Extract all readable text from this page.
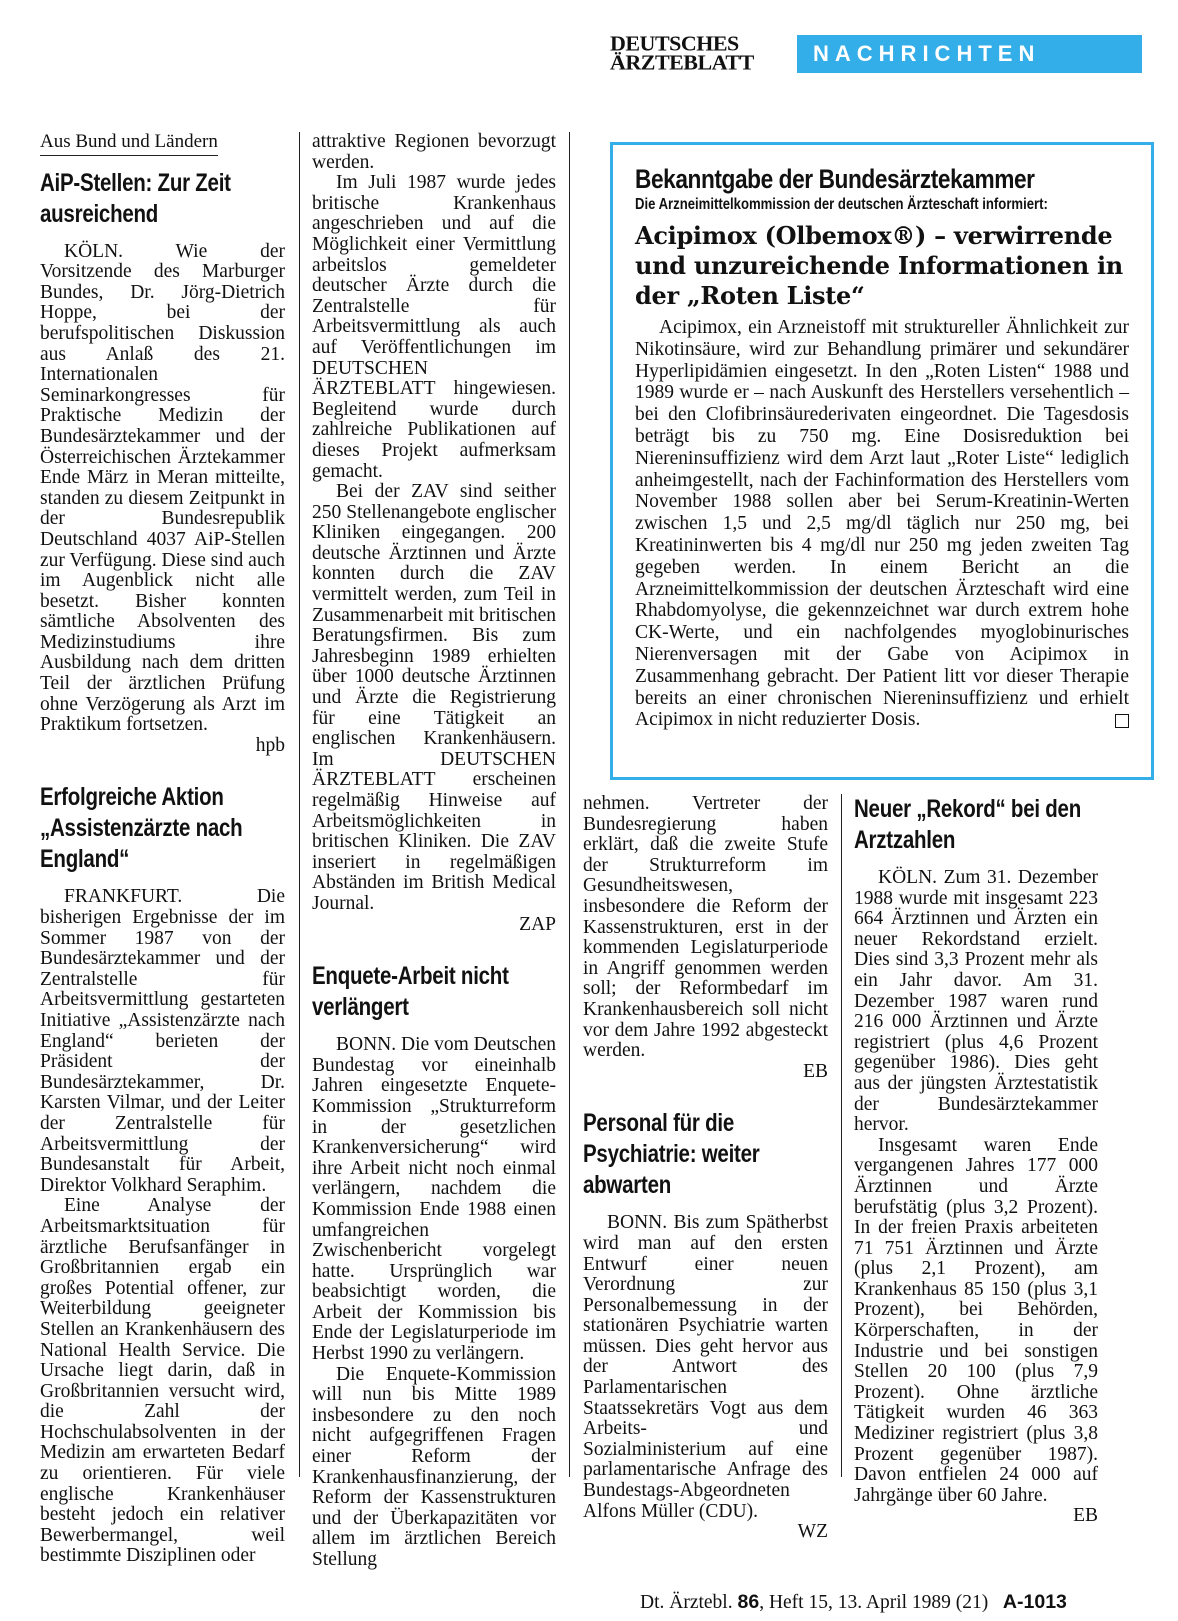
DEUTSCHES
ÄRZTEBLATT	NACHRICHTEN
Aus Bund und Ländern
AiP-Stellen: Zur Zeit ausreichend

KÖLN. Wie der Vorsitzende des Marburger Bundes, Dr. Jörg-Dietrich Hoppe, bei der berufspolitischen Diskussion aus Anlaß des 21. Internationalen Seminarkongresses für Praktische Medizin der Bundesärztekammer und der Österreichischen Ärztekammer Ende März in Meran mitteilte, standen zu diesem Zeitpunkt in der Bundesrepublik Deutschland 4037 AiP-Stellen zur Verfügung. Diese sind auch im Augenblick nicht alle besetzt. Bisher konnten sämtliche Absolventen des Medizinstudiums ihre Ausbildung nach dem dritten Teil der ärztlichen Prüfung ohne Verzögerung als Arzt im Praktikum fortsetzen.

hpb
Erfolgreiche Aktion „Assistenzärzte nach England“

FRANKFURT. Die bisherigen Ergebnisse der im Sommer 1987 von der Bundesärztekammer und der Zentralstelle für Arbeitsvermittlung gestarteten Initiative „Assistenzärzte nach England“ berieten der Präsident der Bundesärztekammer, Dr. Karsten Vilmar, und der Leiter der Zentralstelle für Arbeitsvermittlung der Bundesanstalt für Arbeit, Direktor Volkhard Seraphim.

Eine Analyse der Arbeitsmarktsituation für ärztliche Berufsanfänger in Großbritannien ergab ein großes Potential offener, zur Weiterbildung geeigneter Stellen an Krankenhäusern des National Health Service. Die Ursache liegt darin, daß in Großbritannien versucht wird, die Zahl der Hochschulabsolventen in der Medizin am erwarteten Bedarf zu orientieren. Für viele englische Krankenhäuser besteht jedoch ein relativer Bewerbermangel, weil bestimmte Disziplinen oder

attraktive Regionen bevorzugt werden.

Im Juli 1987 wurde jedes britische Krankenhaus angeschrieben und auf die Möglichkeit einer Vermittlung arbeitslos gemeldeter deutscher Ärzte durch die Zentralstelle für Arbeitsvermittlung als auch auf Veröffentlichungen im DEUTSCHEN ÄRZTEBLATT hingewiesen. Begleitend wurde durch zahlreiche Publikationen auf dieses Projekt aufmerksam gemacht.

Bei der ZAV sind seither 250 Stellenangebote englischer Kliniken eingegangen. 200 deutsche Ärztinnen und Ärzte konnten durch die ZAV vermittelt werden, zum Teil in Zusammenarbeit mit britischen Beratungsfirmen. Bis zum Jahresbeginn 1989 erhielten über 1000 deutsche Ärztinnen und Ärzte die Registrierung für eine Tätigkeit an englischen Krankenhäusern. Im DEUTSCHEN ÄRZTEBLATT erscheinen regelmäßig Hinweise auf Arbeitsmöglichkeiten in britischen Kliniken. Die ZAV inseriert in regelmäßigen Abständen im British Medical Journal.

ZAP
Enquete-Arbeit nicht verlängert

BONN. Die vom Deutschen Bundestag vor eineinhalb Jahren eingesetzte Enquete-Kommission „Strukturreform in der gesetzlichen Krankenversicherung“ wird ihre Arbeit nicht noch einmal verlängern, nachdem die Kommission Ende 1988 einen umfangreichen Zwischenbericht vorgelegt hatte. Ursprünglich war beabsichtigt worden, die Arbeit der Kommission bis Ende der Legislaturperiode im Herbst 1990 zu verlängern.

Die Enquete-Kommission will nun bis Mitte 1989 insbesondere zu den noch nicht aufgegriffenen Fragen einer Reform der Krankenhausfinanzierung, der Reform der Kassenstrukturen und der Überkapazitäten vor allem im ärztlichen Bereich Stellung

Bekanntgabe der Bundesärztekammer
Die Arzneimittelkommission der deutschen Ärzteschaft informiert:
Acipimox (Olbemox®) – verwirrende und unzureichende Informationen in der „Roten Liste“
Acipimox, ein Arzneistoff mit struktureller Ähnlichkeit zur Nikotinsäure, wird zur Behandlung primärer und sekundärer Hyperlipidämien eingesetzt. In den „Roten Listen“ 1988 und 1989 wurde er – nach Auskunft des Herstellers versehentlich – bei den Clofibrinsäurederivaten eingeordnet. Die Tagesdosis beträgt bis zu 750 mg. Eine Dosisreduktion bei Niereninsuffizienz wird dem Arzt laut „Roter Liste“ lediglich anheimgestellt, nach der Fachinformation des Herstellers vom November 1988 sollen aber bei Serum-Kreatinin-Werten zwischen 1,5 und 2,5 mg/dl täglich nur 250 mg, bei Kreatininwerten bis 4 mg/dl nur 250 mg jeden zweiten Tag gegeben werden. In einem Bericht an die Arzneimittelkommission der deutschen Ärzteschaft wird eine Rhabdomyolyse, die gekennzeichnet war durch extrem hohe CK-Werte, und ein nachfolgendes myoglobinurisches Nierenversagen mit der Gabe von Acipimox in Zusammenhang gebracht. Der Patient litt vor dieser Therapie bereits an einer chronischen Niereninsuffizienz und erhielt Acipimox in nicht reduzierter Dosis.

nehmen. Vertreter der Bundesregierung haben erklärt, daß die zweite Stufe der Strukturreform im Gesundheitswesen, insbesondere die Reform der Kassenstrukturen, erst in der kommenden Legislaturperiode in Angriff genommen werden soll; der Reformbedarf im Krankenhausbereich soll nicht vor dem Jahre 1992 abgesteckt werden.

EB
Personal für die Psychiatrie: weiter abwarten

BONN. Bis zum Spätherbst wird man auf den ersten Entwurf einer neuen Verordnung zur Personalbemessung in der stationären Psychiatrie warten müssen. Dies geht hervor aus der Antwort des Parlamentarischen Staatssekretärs Vogt aus dem Arbeits- und Sozialministerium auf eine parlamentarische Anfrage des Bundestags-Abgeordneten Alfons Müller (CDU).

WZ
Neuer „Rekord“ bei den Arztzahlen

KÖLN. Zum 31. Dezember 1988 wurde mit insgesamt 223 664 Ärztinnen und Ärzten ein neuer Rekordstand erzielt. Dies sind 3,3 Prozent mehr als ein Jahr davor. Am 31. Dezember 1987 waren rund 216 000 Ärztinnen und Ärzte registriert (plus 4,6 Prozent gegenüber 1986). Dies geht aus der jüngsten Ärztestatistik der Bundesärztekammer hervor.

Insgesamt waren Ende vergangenen Jahres 177 000 Ärztinnen und Ärzte berufstätig (plus 3,2 Prozent). In der freien Praxis arbeiteten 71 751 Ärztinnen und Ärzte (plus 2,1 Prozent), am Krankenhaus 85 150 (plus 3,1 Prozent), bei Behörden, Körperschaften, in der Industrie und bei sonstigen Stellen 20 100 (plus 7,9 Prozent). Ohne ärztliche Tätigkeit wurden 46 363 Mediziner registriert (plus 3,8 Prozent gegenüber 1987). Davon entfielen 24 000 auf Jahrgänge über 60 Jahre.

EB
Dt. Ärztebl. 86, Heft 15, 13. April 1989 (21) A-1013
